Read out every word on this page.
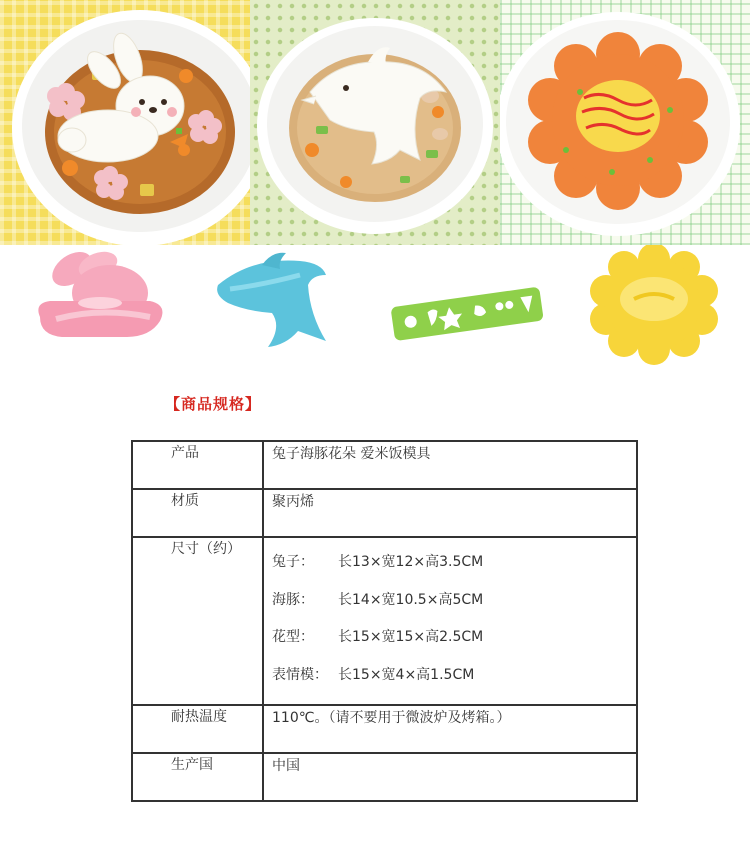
【商品规格】
产品	兔子海豚花朵 爱米饭模具
材质	聚丙烯
尺寸（约）	兔子： 长13×宽12×高3.5CM
海豚： 长14×宽10.5×高5CM
花型： 长15×宽15×高2.5CM
表情模： 长15×宽4×高1.5CM

耐热温度	110℃。（请不要用于微波炉及烤箱。）
生产国	中国
